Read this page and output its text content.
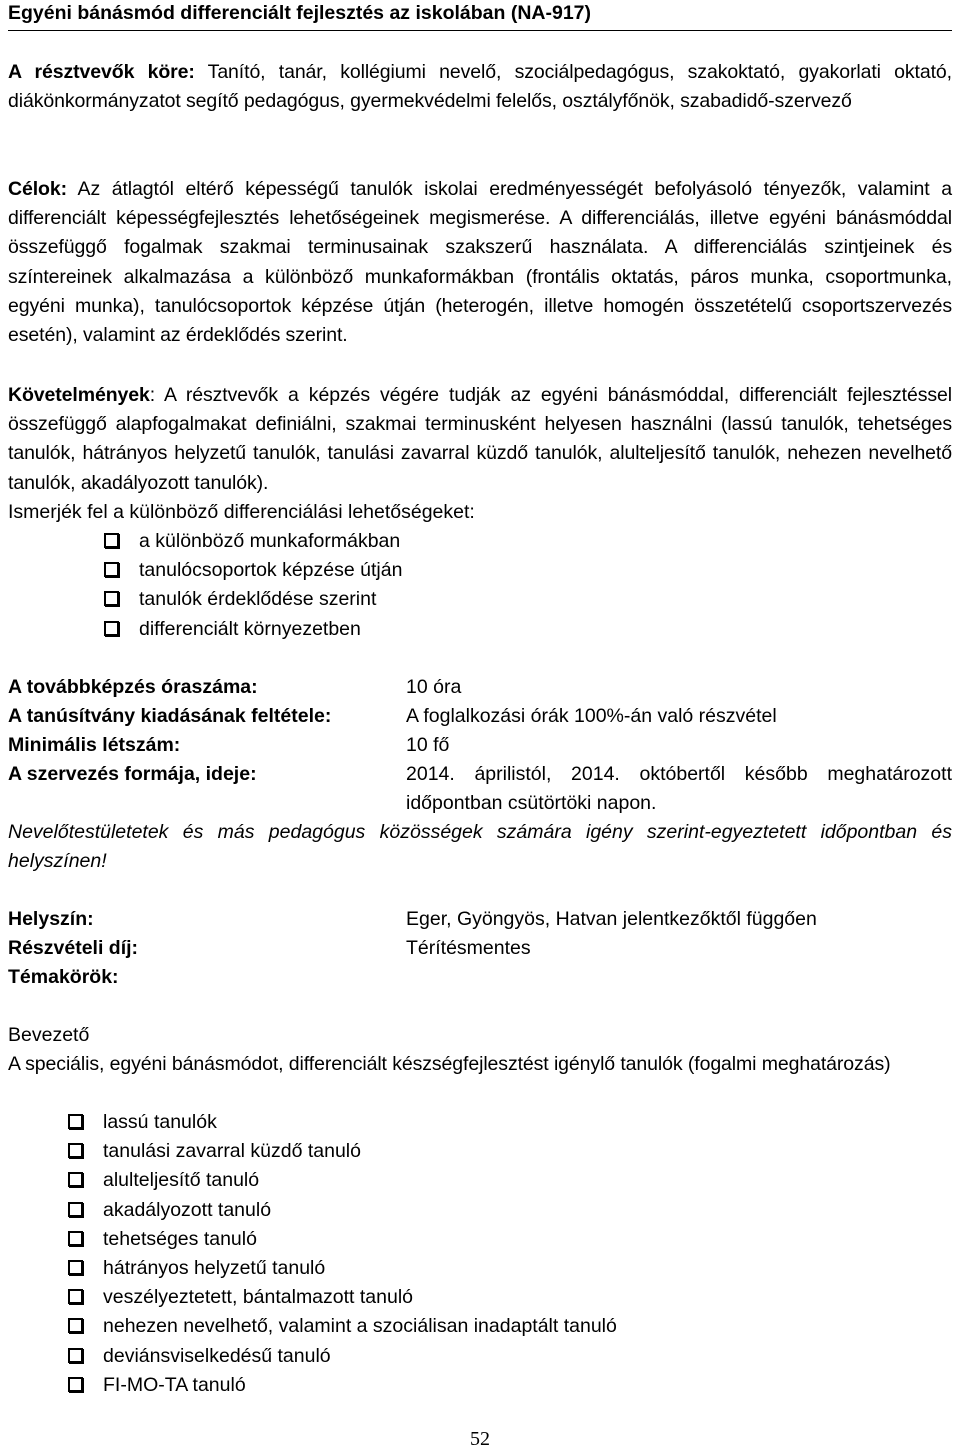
Egyéni bánásmód differenciált fejlesztés az iskolában (NA-917)
A résztvevők köre: Tanító, tanár, kollégiumi nevelő, szociálpedagógus, szakoktató, gyakorlati oktató, diákönkormányzatot segítő pedagógus, gyermekvédelmi felelős, osztályfőnök, szabadidő-szervező
Célok: Az átlagtól eltérő képességű tanulók iskolai eredményességét befolyásoló tényezők, valamint a differenciált képességfejlesztés lehetőségeinek megismerése. A differenciálás, illetve egyéni bánásmóddal összefüggő fogalmak szakmai terminusainak szakszerű használata. A differenciálás szintjeinek és színtereinek alkalmazása a különböző munkaformákban (frontális oktatás, páros munka, csoportmunka, egyéni munka), tanulócsoportok képzése útján (heterogén, illetve homogén összetételű csoportszervezés esetén), valamint az érdeklődés szerint.
Követelmények: A résztvevők a képzés végére tudják az egyéni bánásmóddal, differenciált fejlesztéssel összefüggő alapfogalmakat definiálni, szakmai terminusként helyesen használni (lassú tanulók, tehetséges tanulók, hátrányos helyzetű tanulók, tanulási zavarral küzdő tanulók, alulteljesítő tanulók, nehezen nevelhető tanulók, akadályozott tanulók).
Ismerjék fel a különböző differenciálási lehetőségeket:
a különböző munkaformákban
tanulócsoportok képzése útján
tanulók érdeklődése szerint
differenciált környezetben
A továbbképzés óraszáma:	10 óra
A tanúsítvány kiadásának feltétele:	A foglalkozási órák 100%-án való részvétel
Minimális létszám:	10 fő
A szervezés formája, ideje:	2014. áprilistól, 2014. októbertől később meghatározott időpontban csütörtöki napon.
Nevelőtestületetek és más pedagógus közösségek számára igény szerint-egyeztetett időpontban és helyszínen!
Helyszín:	Eger, Gyöngyös, Hatvan jelentkezőktől függően
Részvételi díj:	Térítésmentes
Témakörök:
Bevezető
A speciális, egyéni bánásmódot, differenciált készségfejlesztést igénylő tanulók (fogalmi meghatározás)
lassú tanulók
tanulási zavarral küzdő tanuló
alulteljesítő tanuló
akadályozott tanuló
tehetséges tanuló
hátrányos helyzetű tanuló
veszélyeztetett, bántalmazott tanuló
nehezen nevelhető, valamint a szociálisan inadaptált tanuló
deviánsviselkedésű tanuló
FI-MO-TA tanuló
52
